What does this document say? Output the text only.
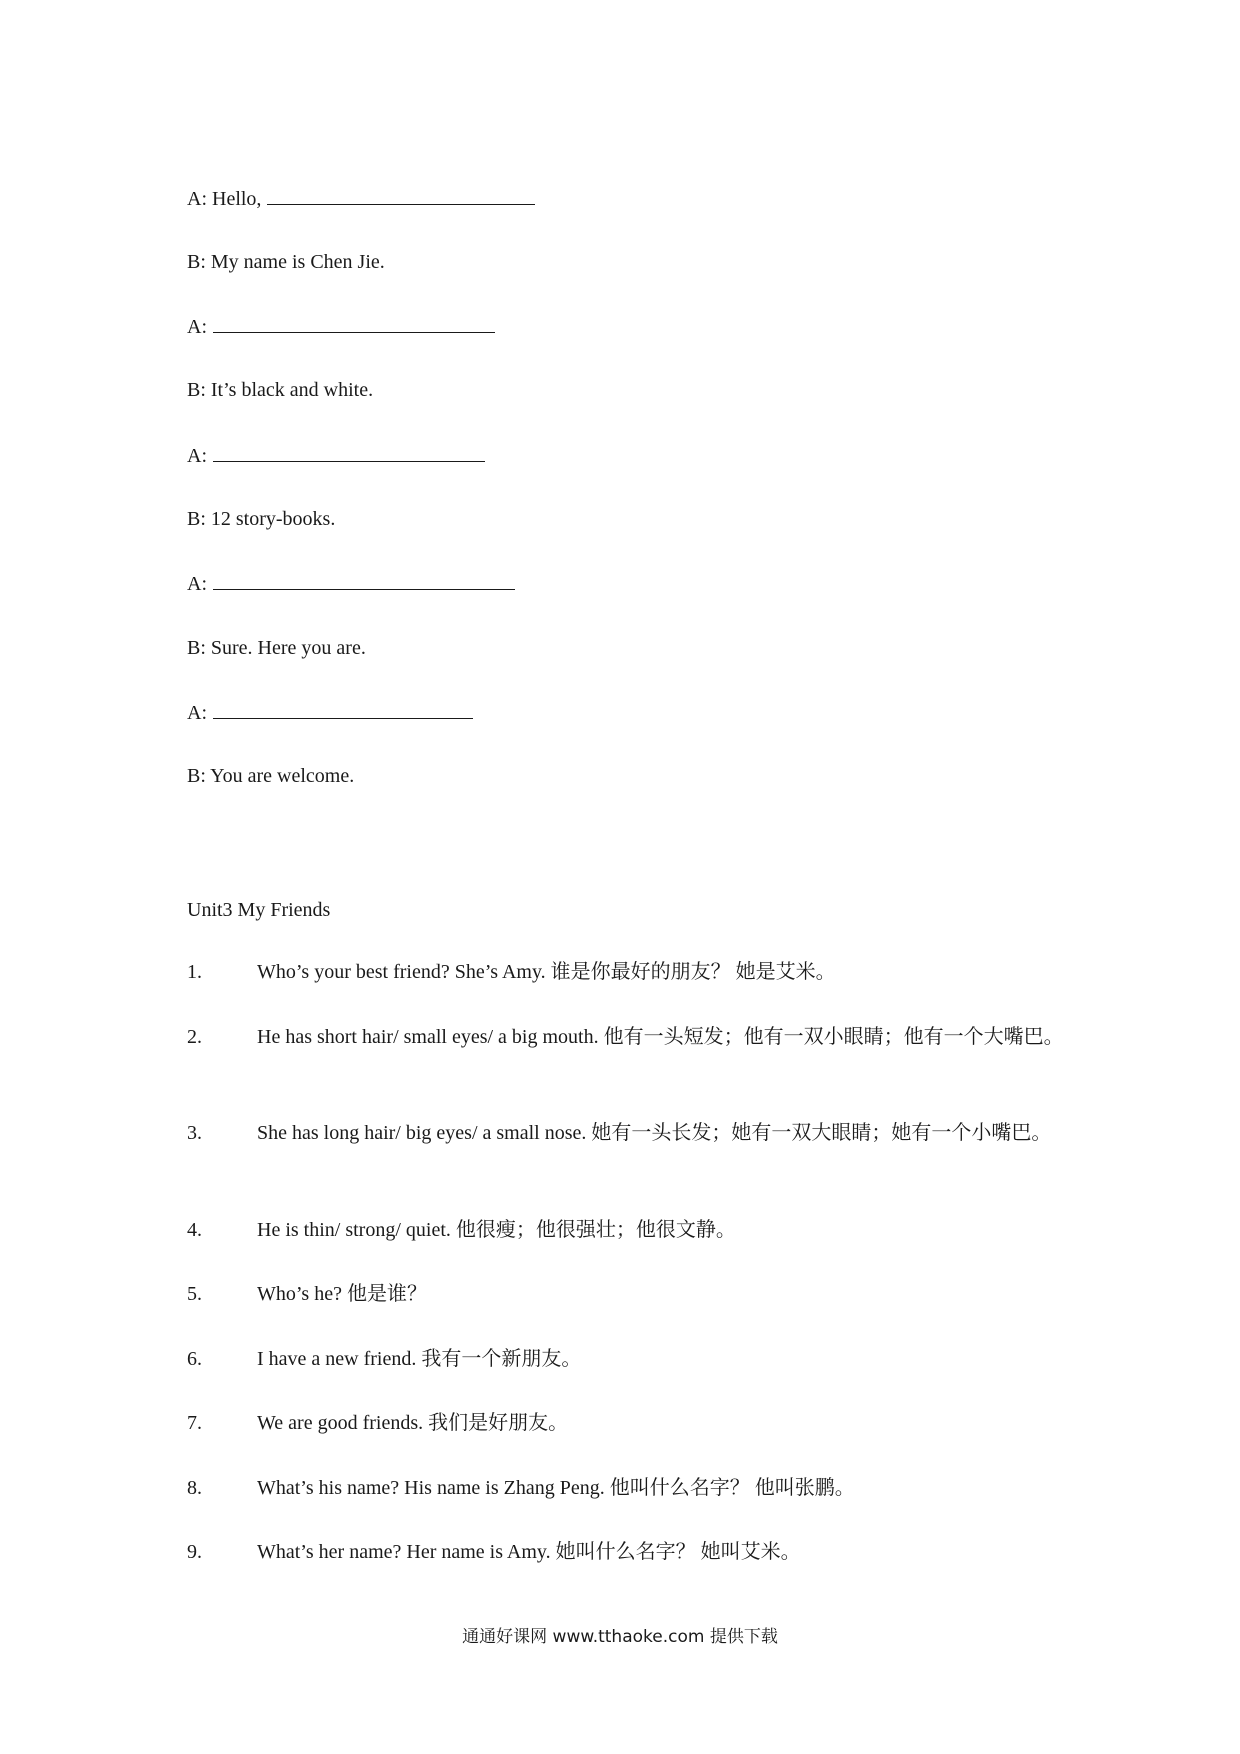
A: Hello,
B: My name is Chen Jie.
A:
B: It’s black and white.
A:
B: 12 story-books.
A:
B: Sure. Here you are.
A:
B: You are welcome.
Unit3 My Friends
1.	Who’s your best friend? She’s Amy. 谁是你最好的朋友？ 她是艾米。
2.	He has short hair/ small eyes/ a big mouth. 他有一头短发；他有一双小眼睛；他有一个大嘴巴。
3.	She has long hair/ big eyes/ a small nose. 她有一头长发；她有一双大眼睛；她有一个小嘴巴。
4.	He is thin/ strong/ quiet. 他很瘦；他很强壮；他很文静。
5.	Who’s he? 他是谁？
6.	I have a new friend. 我有一个新朋友。
7.	We are good friends. 我们是好朋友。
8.	What’s his name? His name is Zhang Peng. 他叫什么名字？ 他叫张鹏。
9.	What’s her name? Her name is Amy. 她叫什么名字？ 她叫艾米。
通通好课网 www.tthaoke.com 提供下载
